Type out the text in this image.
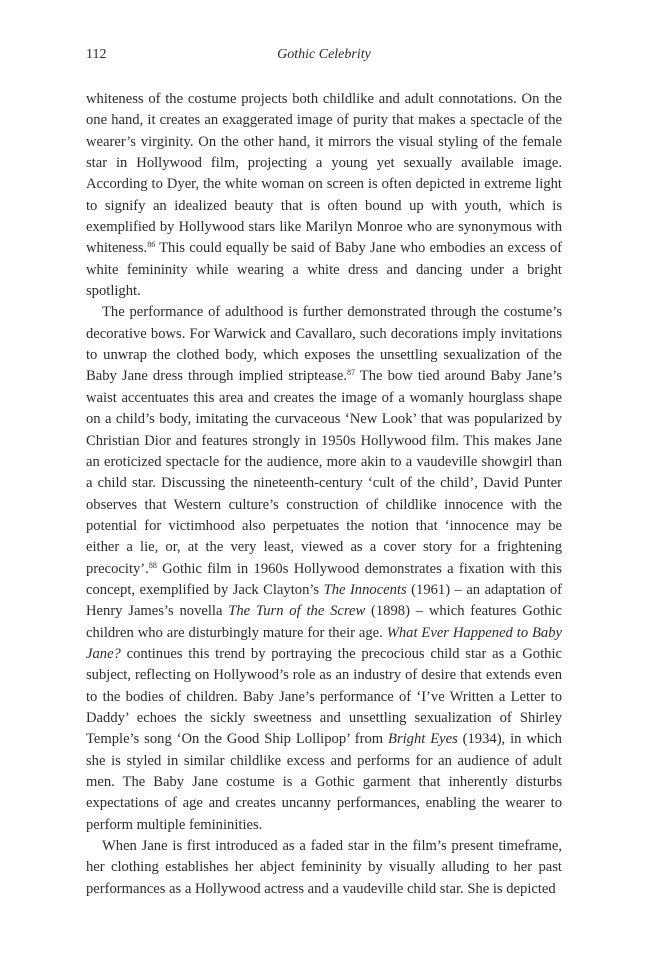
112	Gothic Celebrity

whiteness of the costume projects both childlike and adult connotations. On the one hand, it creates an exaggerated image of purity that makes a spectacle of the wearer’s virginity. On the other hand, it mirrors the visual styling of the female star in Hollywood film, projecting a young yet sexually available image. According to Dyer, the white woman on screen is often depicted in extreme light to signify an idealized beauty that is often bound up with youth, which is exemplified by Hollywood stars like Marilyn Monroe who are synonymous with whiteness.$^{86}$ This could equally be said of Baby Jane who embodies an excess of white femininity while wearing a white dress and dancing under a bright spotlight.

The performance of adulthood is further demonstrated through the costume’s decorative bows. For Warwick and Cavallaro, such decorations imply invitations to unwrap the clothed body, which exposes the unsettling sexualization of the Baby Jane dress through implied striptease.$^{87}$ The bow tied around Baby Jane’s waist accentuates this area and creates the image of a womanly hourglass shape on a child’s body, imitating the curvaceous ‘New Look’ that was popularized by Christian Dior and features strongly in 1950s Hollywood film. This makes Jane an eroticized spectacle for the audience, more akin to a vaudeville showgirl than a child star. Discussing the nineteenth-century ‘cult of the child’, David Punter observes that Western culture’s construction of childlike innocence with the potential for victimhood also perpetuates the notion that ‘innocence may be either a lie, or, at the very least, viewed as a cover story for a frightening precocity’.$^{88}$ Gothic film in 1960s Hollywood demonstrates a fixation with this concept, exemplified by Jack Clayton’s The Innocents (1961) – an adaptation of Henry James’s novella The Turn of the Screw (1898) – which features Gothic children who are disturbingly mature for their age. What Ever Happened to Baby Jane? continues this trend by portraying the precocious child star as a Gothic subject, reflecting on Hollywood’s role as an industry of desire that extends even to the bodies of children. Baby Jane’s performance of ‘I’ve Written a Letter to Daddy’ echoes the sickly sweetness and unsettling sexualization of Shirley Temple’s song ‘On the Good Ship Lollipop’ from Bright Eyes (1934), in which she is styled in similar childlike excess and performs for an audience of adult men. The Baby Jane costume is a Gothic garment that inherently disturbs expectations of age and creates uncanny performances, enabling the wearer to perform multiple femininities.

When Jane is first introduced as a faded star in the film’s present timeframe, her clothing establishes her abject femininity by visually alluding to her past performances as a Hollywood actress and a vaudeville child star. She is depicted
